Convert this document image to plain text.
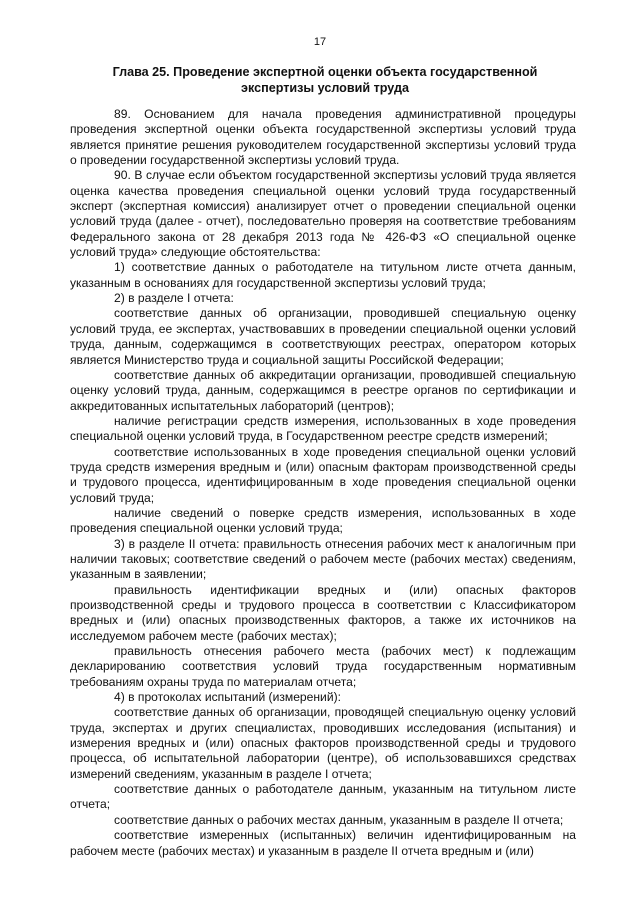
17
Глава 25. Проведение экспертной оценки объекта государственной экспертизы условий труда

89. Основанием для начала проведения административной процедуры проведения экспертной оценки объекта государственной экспертизы условий труда является принятие решения руководителем государственной экспертизы условий труда о проведении государственной экспертизы условий труда.

90. В случае если объектом государственной экспертизы условий труда является оценка качества проведения специальной оценки условий труда государственный эксперт (экспертная комиссия) анализирует отчет о проведении специальной оценки условий труда (далее - отчет), последовательно проверяя на соответствие требованиям Федерального закона от 28 декабря 2013 года № 426-ФЗ «О специальной оценке условий труда» следующие обстоятельства:

1) соответствие данных о работодателе на титульном листе отчета данным, указанным в основаниях для государственной экспертизы условий труда;

2) в разделе I отчета:

соответствие данных об организации, проводившей специальную оценку условий труда, ее экспертах, участвовавших в проведении специальной оценки условий труда, данным, содержащимся в соответствующих реестрах, оператором которых является Министерство труда и социальной защиты Российской Федерации;

соответствие данных об аккредитации организации, проводившей специальную оценку условий труда, данным, содержащимся в реестре органов по сертификации и аккредитованных испытательных лабораторий (центров);

наличие регистрации средств измерения, использованных в ходе проведения специальной оценки условий труда, в Государственном реестре средств измерений;

соответствие использованных в ходе проведения специальной оценки условий труда средств измерения вредным и (или) опасным факторам производственной среды и трудового процесса, идентифицированным в ходе проведения специальной оценки условий труда;

наличие сведений о поверке средств измерения, использованных в ходе проведения специальной оценки условий труда;

3) в разделе II отчета: правильность отнесения рабочих мест к аналогичным при наличии таковых; соответствие сведений о рабочем месте (рабочих местах) сведениям, указанным в заявлении;

правильность идентификации вредных и (или) опасных факторов производственной среды и трудового процесса в соответствии с Классификатором вредных и (или) опасных производственных факторов, а также их источников на исследуемом рабочем месте (рабочих местах);

правильность отнесения рабочего места (рабочих мест) к подлежащим декларированию соответствия условий труда государственным нормативным требованиям охраны труда по материалам отчета;

4) в протоколах испытаний (измерений):

соответствие данных об организации, проводящей специальную оценку условий труда, экспертах и других специалистах, проводивших исследования (испытания) и измерения вредных и (или) опасных факторов производственной среды и трудового процесса, об испытательной лаборатории (центре), об использовавшихся средствах измерений сведениям, указанным в разделе I отчета;

соответствие данных о работодателе данным, указанным на титульном листе отчета;

соответствие данных о рабочих местах данным, указанным в разделе II отчета;

соответствие измеренных (испытанных) величин идентифицированным на рабочем месте (рабочих местах) и указанным в разделе II отчета вредным и (или)
